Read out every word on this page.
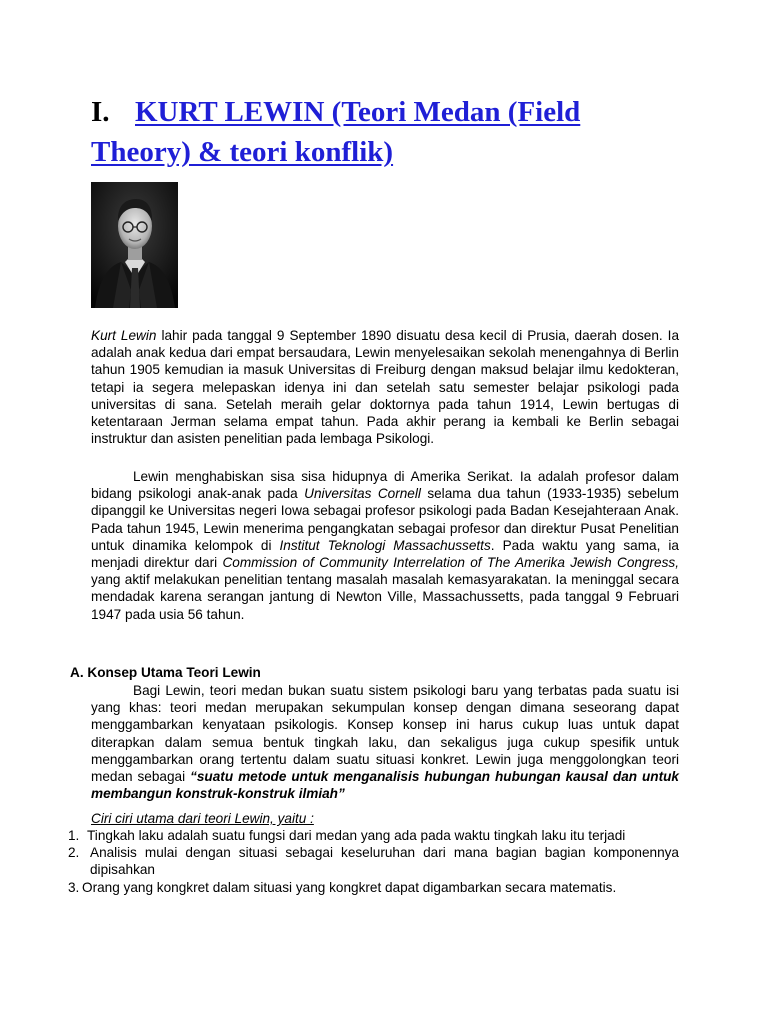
I. KURT LEWIN (Teori Medan (Field
Theory) & teori konflik)

Kurt Lewin lahir pada tanggal 9 September 1890 disuatu desa kecil di Prusia, daerah dosen. Ia adalah anak kedua dari empat bersaudara, Lewin menyelesaikan sekolah menengahnya di Berlin tahun 1905 kemudian ia masuk Universitas di Freiburg dengan maksud belajar ilmu kedokteran, tetapi ia segera melepaskan idenya ini dan setelah satu semester belajar psikologi pada universitas di sana. Setelah meraih gelar doktornya pada tahun 1914, Lewin bertugas di ketentaraan Jerman selama empat tahun. Pada akhir perang ia kembali ke Berlin sebagai instruktur dan asisten penelitian pada lembaga Psikologi.

Lewin menghabiskan sisa sisa hidupnya di Amerika Serikat. Ia adalah profesor dalam bidang psikologi anak-anak pada Universitas Cornell selama dua tahun (1933-1935) sebelum dipanggil ke Universitas negeri Iowa sebagai profesor psikologi pada Badan Kesejahteraan Anak. Pada tahun 1945, Lewin menerima pengangkatan sebagai profesor dan direktur Pusat Penelitian untuk dinamika kelompok di Institut Teknologi Massachussetts. Pada waktu yang sama, ia menjadi direktur dari Commission of Community Interrelation of The Amerika Jewish Congress, yang aktif melakukan penelitian tentang masalah masalah kemasyarakatan. Ia meninggal secara mendadak karena serangan jantung di Newton Ville, Massachussetts, pada tanggal 9 Februari 1947 pada usia 56 tahun.

A. Konsep Utama Teori Lewin

Bagi Lewin, teori medan bukan suatu sistem psikologi baru yang terbatas pada suatu isi yang khas: teori medan merupakan sekumpulan konsep dengan dimana seseorang dapat menggambarkan kenyataan psikologis. Konsep konsep ini harus cukup luas untuk dapat diterapkan dalam semua bentuk tingkah laku, dan sekaligus juga cukup spesifik untuk menggambarkan orang tertentu dalam suatu situasi konkret. Lewin juga menggolongkan teori medan sebagai “suatu metode untuk menganalisis hubungan hubungan kausal dan untuk membangun konstruk-konstruk ilmiah”

Ciri ciri utama dari teori Lewin, yaitu :

1. Tingkah laku adalah suatu fungsi dari medan yang ada pada waktu tingkah laku itu terjadi
2. Analisis mulai dengan situasi sebagai keseluruhan dari mana bagian bagian komponennya dipisahkan
3. Orang yang kongkret dalam situasi yang kongkret dapat digambarkan secara matematis.
